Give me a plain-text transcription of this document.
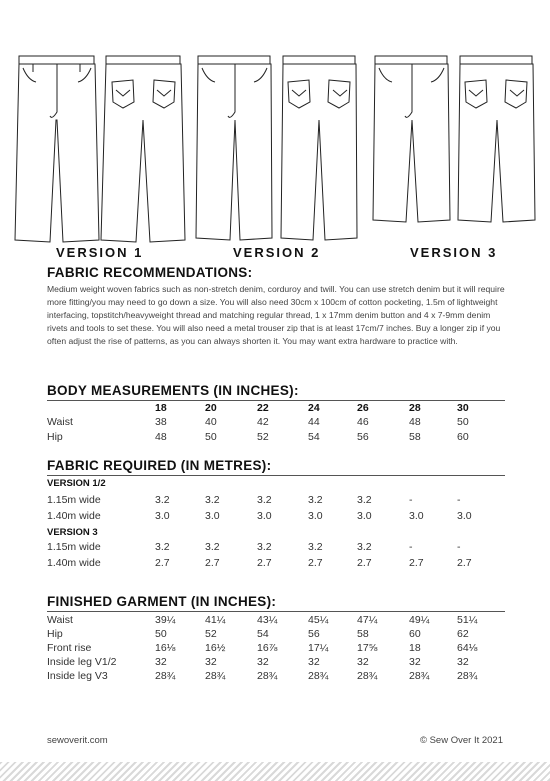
VERSION 1	VERSION 2	VERSION 3
FABRIC RECOMMENDATIONS:
Medium weight woven fabrics such as non-stretch denim, corduroy and twill. You can use stretch denim but it will require more fitting/you may need to go down a size. You will also need 30cm x 100cm of cotton pocketing, 1.5m of lightweight interfacing, topstitch/heavyweight thread and matching regular thread, 1 x 17mm denim button and 4 x 7-9mm denim rivets and tools to set these. You will also need a metal trouser zip that is at least 17cm/7 inches. Buy a longer zip if you often adjust the rise of patterns, as you can always shorten it. You may want extra hardware to practice with.
BODY MEASUREMENTS (IN INCHES):
18	20	22	24	26	28	30
Waist	38	40	42	44	46	48	50
Hip	48	50	52	54	56	58	60
FABRIC REQUIRED (IN METRES):
VERSION 1/2
1.15m wide	3.2	3.2	3.2	3.2	3.2	-	-
1.40m wide	3.0	3.0	3.0	3.0	3.0	3.0	3.0
VERSION 3
1.15m wide	3.2	3.2	3.2	3.2	3.2	-	-
1.40m wide	2.7	2.7	2.7	2.7	2.7	2.7	2.7
FINISHED GARMENT (IN INCHES):
Waist	39¼	41¼	43¼	45¼	47¼	49¼	51¼
Hip	50	52	54	56	58	60	62
Front rise	16⅛	16½	16⅞	17¼	17⅝	18	64⅛
Inside leg V1/2	32	32	32	32	32	32	32
Inside leg V3	28¾	28¾	28¾	28¾	28¾	28¾	28¾
sewoverit.com	© Sew Over It 2021
